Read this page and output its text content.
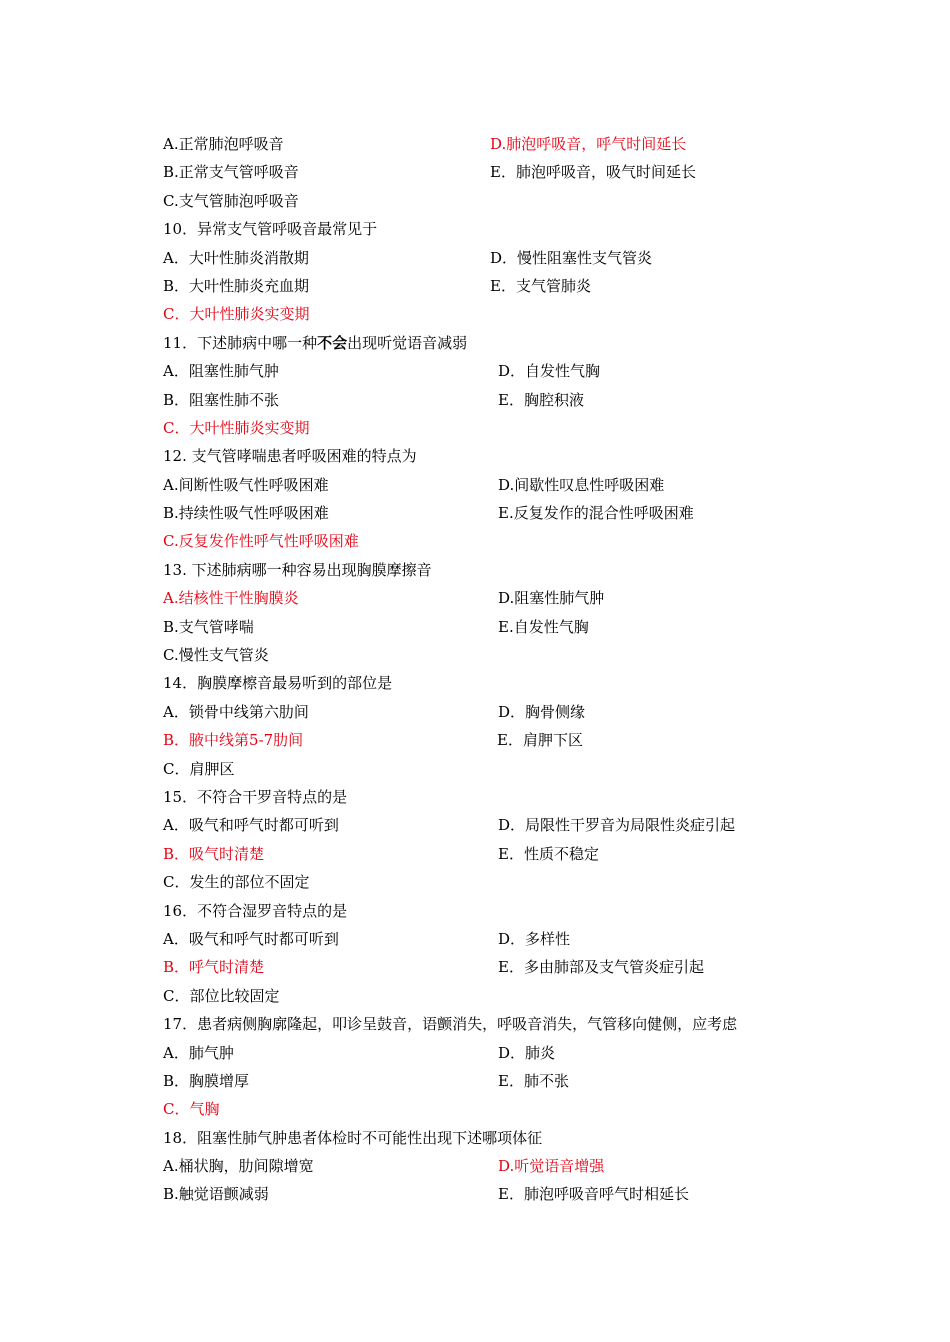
A.正常肺泡呼吸音	D.肺泡呼吸音，呼气时间延长
B.正常支气管呼吸音	E．肺泡呼吸音，吸气时间延长
C.支气管肺泡呼吸音
10．异常支气管呼吸音最常见于
A．大叶性肺炎消散期	D．慢性阻塞性支气管炎
B．大叶性肺炎充血期	E．支气管肺炎
C．大叶性肺炎实变期
11．下述肺病中哪一种不会出现听觉语音减弱
A．阻塞性肺气肿	D．自发性气胸
B．阻塞性肺不张	E．胸腔积液
C．大叶性肺炎实变期
12. 支气管哮喘患者呼吸困难的特点为
A.间断性吸气性呼吸困难	D.间歇性叹息性呼吸困难
B.持续性吸气性呼吸困难	E.反复发作的混合性呼吸困难
C.反复发作性呼气性呼吸困难
13. 下述肺病哪一种容易出现胸膜摩擦音
A.结核性干性胸膜炎	D.阻塞性肺气肿
B.支气管哮喘	E.自发性气胸
C.慢性支气管炎
14．胸膜摩檫音最易听到的部位是
A．锁骨中线第六肋间	D．胸骨侧缘
B．腋中线第5-7肋间	E．肩胛下区
C．肩胛区
15．不符合干罗音特点的是
A．吸气和呼气时都可听到	D．局限性干罗音为局限性炎症引起
B．吸气时清楚	E．性质不稳定
C．发生的部位不固定
16．不符合湿罗音特点的是
A．吸气和呼气时都可听到	D．多样性
B．呼气时清楚	E．多由肺部及支气管炎症引起
C．部位比较固定
17．患者病侧胸廓隆起，叩诊呈鼓音，语颤消失，呼吸音消失，气管移向健侧，应考虑
A．肺气肿	D．肺炎
B．胸膜增厚	E．肺不张
C．气胸
18．阻塞性肺气肿患者体检时不可能性出现下述哪项体征
A.桶状胸，肋间隙增宽	D.听觉语音增强
B.触觉语颤减弱	E．肺泡呼吸音呼气时相延长
